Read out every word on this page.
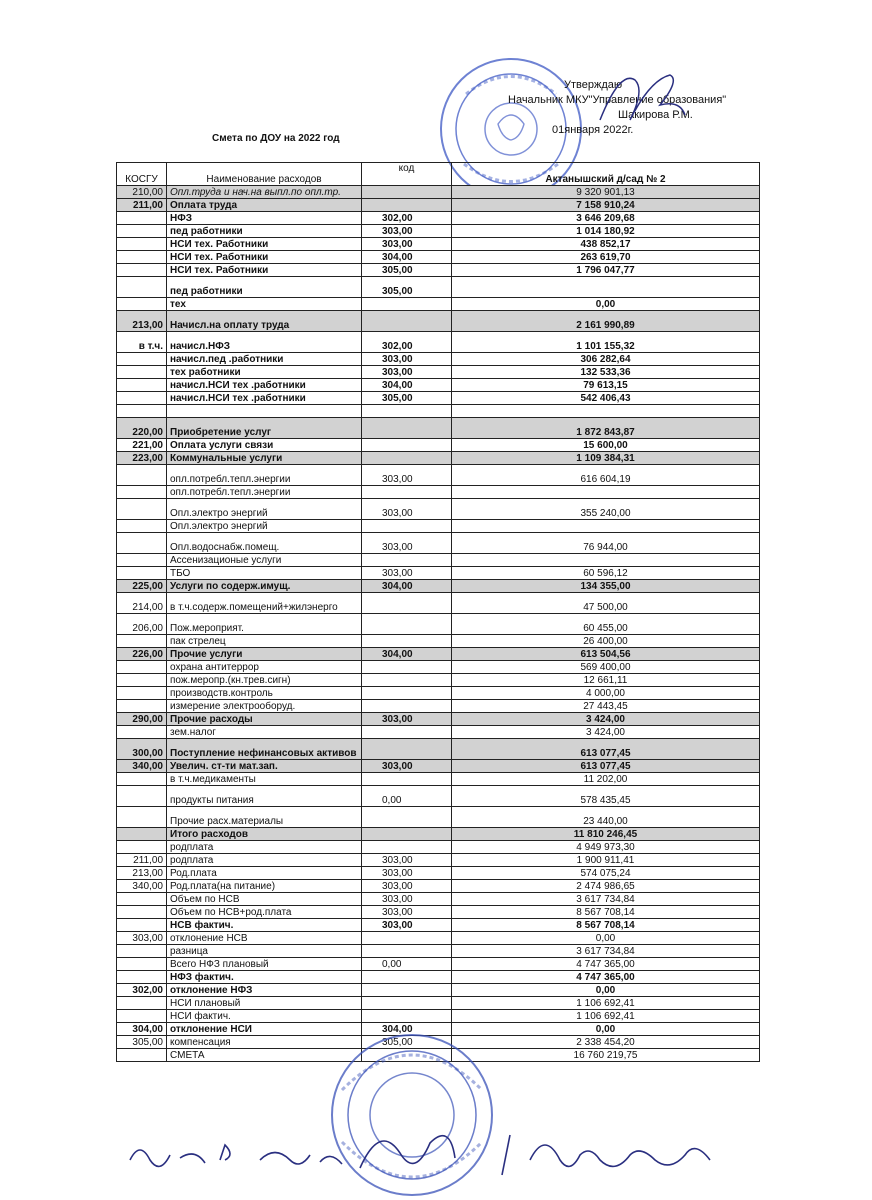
Утверждаю
Начальник МКУ"Управление образования"
Шакирова Р.М.
01января 2022г.
Смета по ДОУ на 2022 год
КОСГУ	Наименование расходов	код	Актанышский д/сад № 2
210,00	Опл.труда и нач.на выпл.по опл.тр.		9 320 901,13
211,00	Оплата труда		7 158 910,24
	НФЗ	302,00	3 646 209,68
	пед работники	303,00	1 014 180,92
	НСИ тех. Работники	303,00	438 852,17
	НСИ тех. Работники	304,00	263 619,70
	НСИ тех. Работники	305,00	1 796 047,77
	пед работники	305,00	
	тех		0,00
213,00	Начисл.на оплату труда		2 161 990,89
в т.ч.	начисл.НФЗ	302,00	1 101 155,32
	начисл.пед .работники	303,00	306 282,64
	тех работники	303,00	132 533,36
	начисл.НСИ тех .работники	304,00	79 613,15
	начисл.НСИ тех .работники	305,00	542 406,43

220,00	Приобретение услуг		1 872 843,87
221,00	Оплата услуги связи		15 600,00
223,00	Коммунальные услуги		1 109 384,31
	опл.потребл.тепл.энергии	303,00	616 604,19
	опл.потребл.тепл.энергии		
	Опл.электро энергий	303,00	355 240,00
	Опл.электро энергий		
	Опл.водоснабж.помещ.	303,00	76 944,00
	Ассенизационые услуги		
	ТБО	303,00	60 596,12
225,00	Услуги по содерж.имущ.	304,00	134 355,00
214,00	в т.ч.содерж.помещений+жилэнерго		47 500,00
206,00	Пож.мероприят.		60 455,00
	пак стрелец		26 400,00
226,00	Прочие услуги	304,00	613 504,56
	охрана антитеррор		569 400,00
	пож.меропр.(кн.трев.сигн)		12 661,11
	производств.контроль		4 000,00
	измерение электрооборуд.		27 443,45
290,00	Прочие расходы	303,00	3 424,00
	зем.налог		3 424,00
300,00	Поступление нефинансовых активов		613 077,45
340,00	Увелич. ст-ти мат.зап.	303,00	613 077,45
	в т.ч.медикаменты		11 202,00
	продукты питания	0,00	578 435,45
	Прочие расх.материалы		23 440,00
	Итого расходов		11 810 246,45
	родплата		4 949 973,30
211,00	родплата	303,00	1 900 911,41
213,00	Род.плата	303,00	574 075,24
340,00	Род.плата(на питание)	303,00	2 474 986,65
	Объем по НСВ	303,00	3 617 734,84
	Объем по НСВ+род.плата	303,00	8 567 708,14
	НСВ фактич.	303,00	8 567 708,14
303,00	отклонение НСВ		0,00
	разница		3 617 734,84
	Всего НФЗ плановый	0,00	4 747 365,00
	НФЗ фактич.		4 747 365,00
302,00	отклонение НФЗ		0,00
	НСИ плановый		1 106 692,41
	НСИ фактич.		1 106 692,41
304,00	отклонение НСИ	304,00	0,00
305,00	компенсация	305,00	2 338 454,20
	СМЕТА		16 760 219,75
